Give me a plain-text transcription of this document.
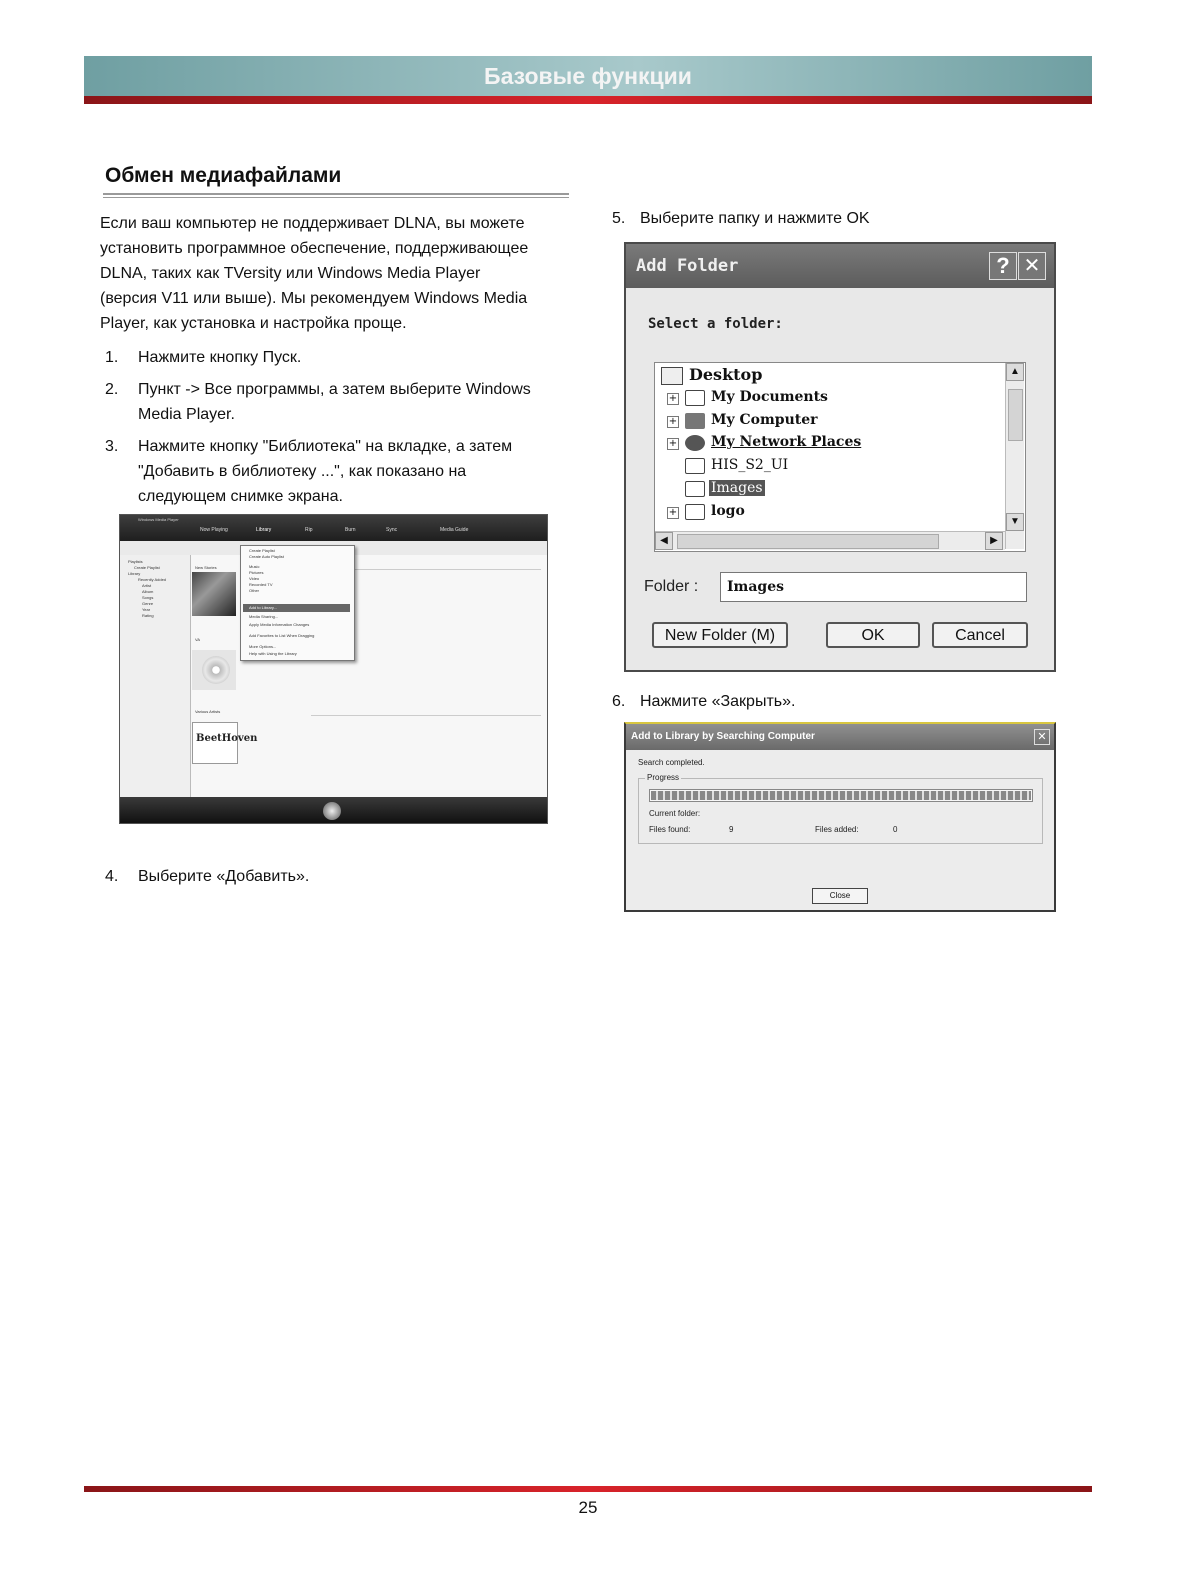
Базовые функции
Обмен медиафайлами
Если ваш компьютер не поддерживает DLNA, вы можете
установить программное обеспечение, поддерживающее
DLNA, таких как TVersity или Windows Media Player
(версия V11 или выше). Мы рекомендуем Windows Media
Player, как установка и настройка проще.
1. Нажмите кнопку Пуск.
2. Пункт -> Все программы, а затем выберите Windows
Media Player.
3. Нажмите кнопку "Библиотека" на вкладке, а затем
"Добавить в библиотеку ...", как показано на
следующем снимке экрана.
Windows Media Player
Now Playing	Library	Rip	Burn	Sync	Media Guide
Playlists
Create Playlist
Library
Recently Added
Artist
Album
Songs
Genre
Year
Rating
New Stories
VA
Various Artists
BeetHoven
Create Playlist
Create Auto Playlist
Music
Pictures
Video
Recorded TV
Other
Add to Library...
Media Sharing...
Apply Media Information Changes
Add Favorites to List When Dragging
More Options...
Help with Using the Library
4. Выберите «Добавить».
5. Выберите папку и нажмите OK
Add Folder	? ✕
Select a folder:
Desktop
+ My Documents
+ My Computer
+ My Network Places
HIS_S2_UI
Images
+ logo
▲
▼
◀	▶
Folder :	Images
New Folder (M)	OK	Cancel
6. Нажмите «Закрыть».
Add to Library by Searching Computer	✕
Search completed.
Progress
Current folder:
Files found:	9	Files added:	0
Close
25
